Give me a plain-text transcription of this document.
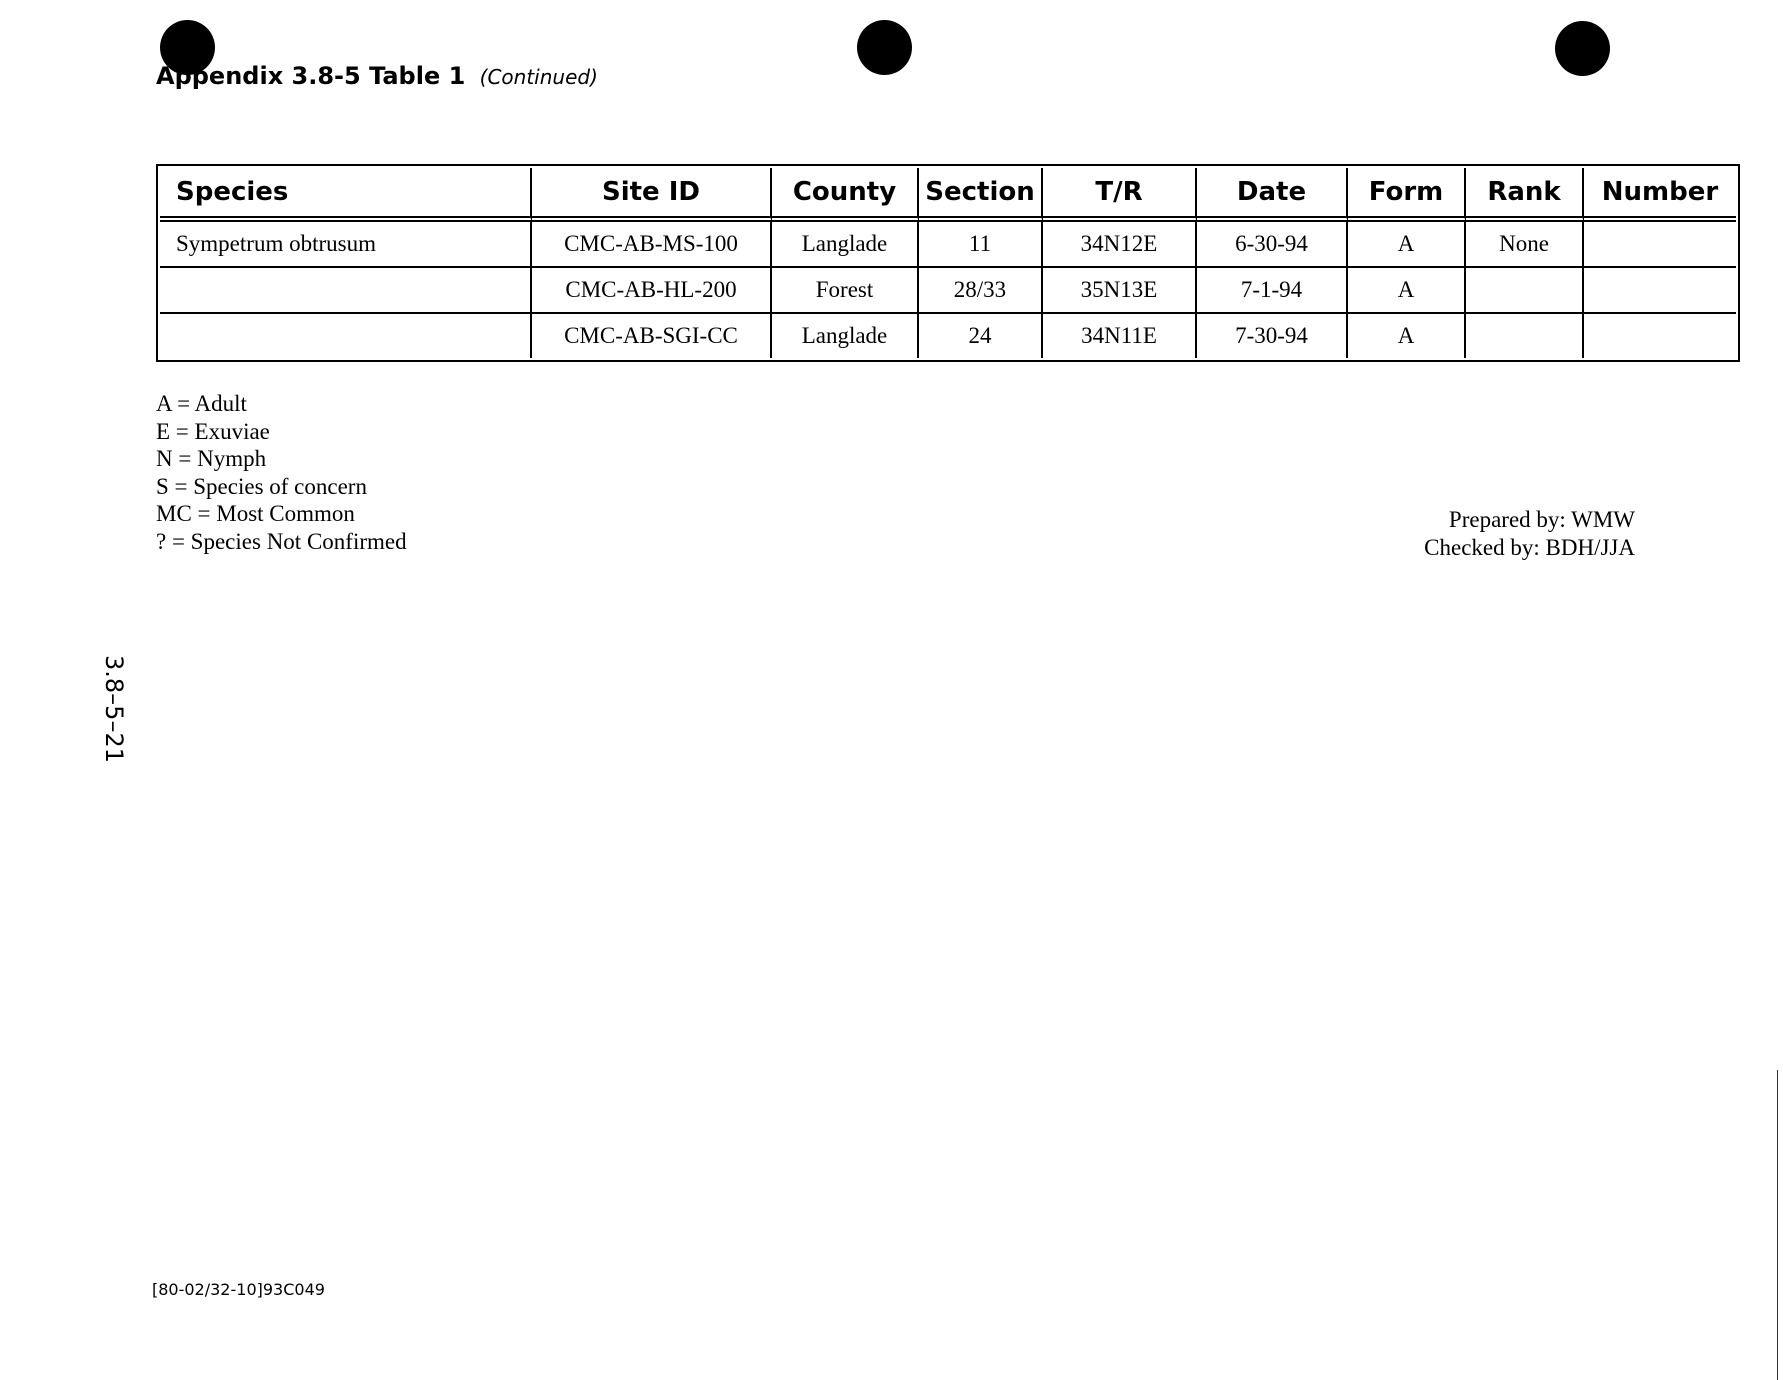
Appendix 3.8-5 Table 1 (Continued)
Species	Site ID	County	Section	T/R	Date	Form	Rank	Number
Sympetrum obtrusum	CMC-AB-MS-100	Langlade	11	34N12E	6-30-94	A	None	
	CMC-AB-HL-200	Forest	28/33	35N13E	7-1-94	A		
	CMC-AB-SGI-CC	Langlade	24	34N11E	7-30-94	A		
A = Adult
E = Exuviae
N = Nymph
S = Species of concern
MC = Most Common
? = Species Not Confirmed
Prepared by: WMW
Checked by: BDH/JJA
3.8–5–21
[80-02/32-10]93C049
